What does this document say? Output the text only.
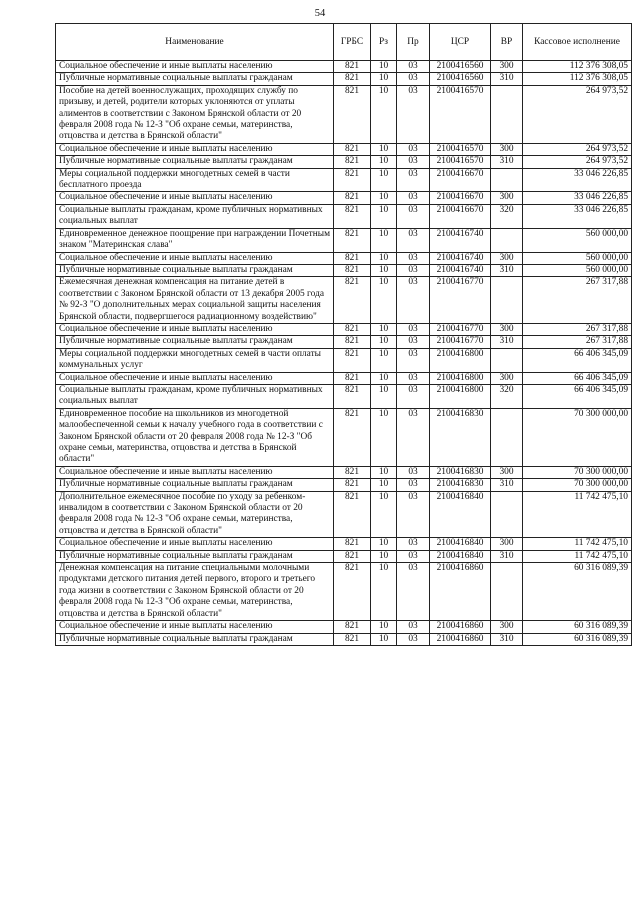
54
Наименование	ГРБС	Рз	Пр	ЦСР	ВР	Кассовое исполнение
Социальное обеспечение и иные выплаты населению	821	10	03	2100416560	300	112 376 308,05
Публичные нормативные социальные выплаты гражданам	821	10	03	2100416560	310	112 376 308,05
Пособие на детей военнослужащих, проходящих службу по призыву, и детей, родители которых уклоняются от уплаты алиментов в соответствии с Законом Брянской области от 20 февраля 2008 года № 12-З "Об охране семьи, материнства, отцовства и детства в Брянской области"	821	10	03	2100416570		264 973,52
Социальное обеспечение и иные выплаты населению	821	10	03	2100416570	300	264 973,52
Публичные нормативные социальные выплаты гражданам	821	10	03	2100416570	310	264 973,52
Меры социальной поддержки многодетных семей в части бесплатного проезда	821	10	03	2100416670		33 046 226,85
Социальное обеспечение и иные выплаты населению	821	10	03	2100416670	300	33 046 226,85
Социальные выплаты гражданам, кроме публичных нормативных социальных выплат	821	10	03	2100416670	320	33 046 226,85
Единовременное денежное поощрение при награждении Почетным знаком "Материнская слава"	821	10	03	2100416740		560 000,00
Социальное обеспечение и иные выплаты населению	821	10	03	2100416740	300	560 000,00
Публичные нормативные социальные выплаты гражданам	821	10	03	2100416740	310	560 000,00
Ежемесячная денежная компенсация на питание детей в соответствии с Законом Брянской области от 13 декабря 2005 года № 92-З "О дополнительных мерах социальной защиты населения Брянской области, подвергшегося радиационному воздействию"	821	10	03	2100416770		267 317,88
Социальное обеспечение и иные выплаты населению	821	10	03	2100416770	300	267 317,88
Публичные нормативные социальные выплаты гражданам	821	10	03	2100416770	310	267 317,88
Меры социальной поддержки многодетных семей в части оплаты коммунальных услуг	821	10	03	2100416800		66 406 345,09
Социальное обеспечение и иные выплаты населению	821	10	03	2100416800	300	66 406 345,09
Социальные выплаты гражданам, кроме публичных нормативных социальных выплат	821	10	03	2100416800	320	66 406 345,09
Единовременное пособие на школьников из многодетной малообеспеченной семьи к началу учебного года в соответствии с Законом Брянской области от 20 февраля 2008 года № 12-З "Об охране семьи, материнства, отцовства и детства в Брянской области"	821	10	03	2100416830		70 300 000,00
Социальное обеспечение и иные выплаты населению	821	10	03	2100416830	300	70 300 000,00
Публичные нормативные социальные выплаты гражданам	821	10	03	2100416830	310	70 300 000,00
Дополнительное ежемесячное пособие по уходу за ребенком-инвалидом в соответствии с Законом Брянской области от 20 февраля 2008 года № 12-З "Об охране семьи, материнства, отцовства и детства в Брянской области"	821	10	03	2100416840		11 742 475,10
Социальное обеспечение и иные выплаты населению	821	10	03	2100416840	300	11 742 475,10
Публичные нормативные социальные выплаты гражданам	821	10	03	2100416840	310	11 742 475,10
Денежная компенсация на питание специальными молочными продуктами детского питания детей первого, второго и третьего года жизни в соответствии с Законом Брянской области от 20 февраля 2008 года № 12-З "Об охране семьи, материнства, отцовства и детства в Брянской области"	821	10	03	2100416860		60 316 089,39
Социальное обеспечение и иные выплаты населению	821	10	03	2100416860	300	60 316 089,39
Публичные нормативные социальные выплаты гражданам	821	10	03	2100416860	310	60 316 089,39
